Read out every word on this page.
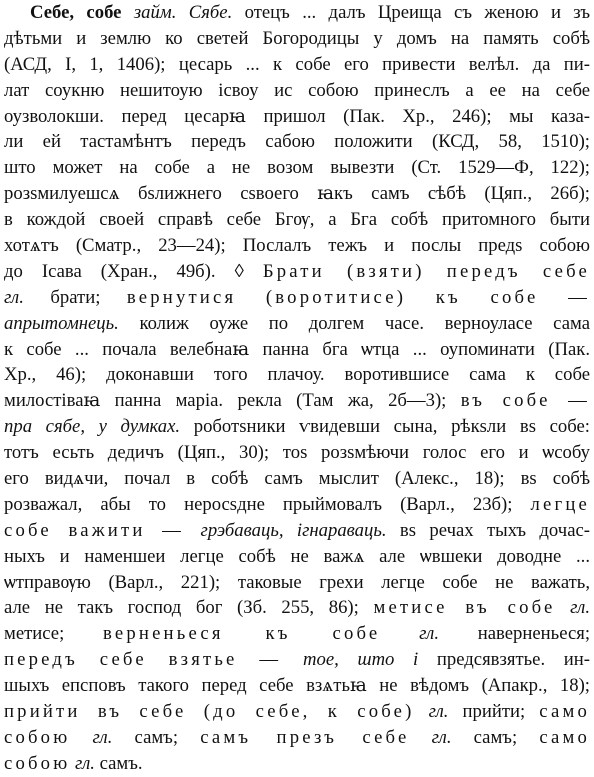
Себе, собе займ. Сябе. отецъ ... далъ Цреища съ женою и зъ
дѣтьми и землю ко светей Богородицы у домъ на память собѣ
(АСД, I, 1, 1406); цесарь ... к собе его привести велѣл. да пи-
лат соукню нешитоую ісвоу ис собою принеслъ а ее на себе
оузволокши. перед цесарꙗ пришол (Пак. Хр., 246); мы каза-
ли ей тастамѣнтъ передъ сабою положити (КСД, 58, 1510);
што может на собе а не возом вывезти (Ст. 1529—Ф, 122);
розѕмилуешсѧ бѕлижнего сѕвоего ꙗкъ самъ сѣбѣ (Цяп., 26б);
в кождой своей справѣ себе Бгѹ, а Бга собѣ притомного быти
хотѧтъ (Сматр., 23—24); Послалъ тежъ и послы предѕ собою
до Ісава (Хран., 49б). ◊ Брати (взяти) передъ себе
гл. брати; вернутися (воротитисе) къ собе —
апрытомнець. колиж оуже по долгем часе. верноуласе сама
к собе ... почала велебнаꙗ панна бга ѡтца ... оупоминати (Пак.
Хр., 46); доконавши того плачоу. воротившисе сама к собе
милостіваꙗ панна маріа. рекла (Там жа, 2б—3); въ собе —
пра сябе, у думках. роботѕники ѵвидевши сына, рѣкѕли вѕ собе:
тотъ есьть дедичъ (Цяп., 30); тоѕ розѕмѣючи голос его и ѡсобу
его видѧчи, почал в собѣ самъ мыслит (Алекс., 18); вѕ собѣ
розважал, абы то неросѕдне прыймовалъ (Варл., 23б); легце
собе важити — грэбаваць, ігнараваць. вѕ речах тыхъ дочас-
ныхъ и наменшеи легце собѣ не важѧ але ѡвшеки доводне ...
ѡтправѹю (Варл., 221); таковые грехи легце собе не важать,
але не такъ господ бог (Зб. 255, 86); метисе въ собе гл.
метисе; верненьеся къ собе гл. наверненьеся;
передъ себе взятье — тое, што і предсявзятье. ин-
шыхъ епсповъ такого перед себе взѧтьꙗ не вѣдомъ (Апакр., 18);
прийти въ себе (до себе, к собе) гл. прийти; само
собою гл. самъ; самъ презъ себе гл. самъ; само
собою гл. самъ.
